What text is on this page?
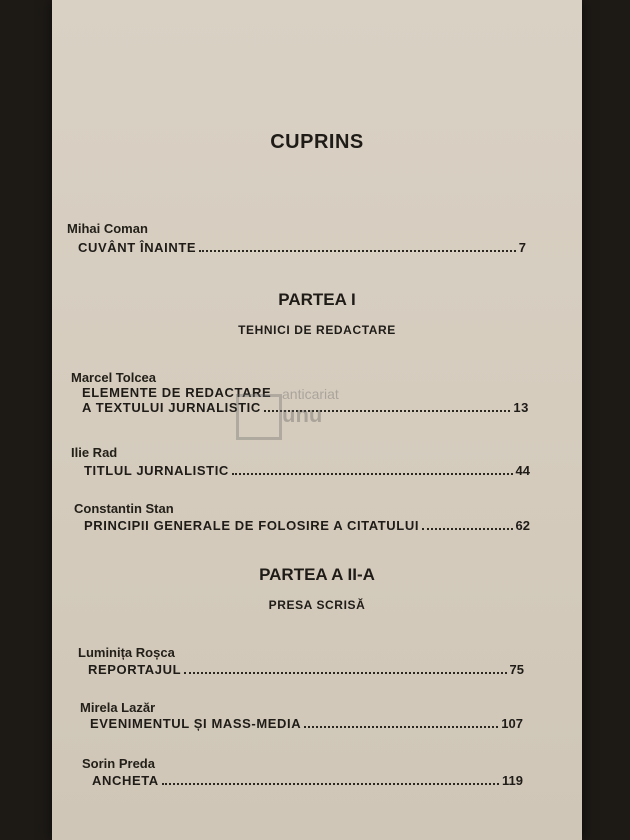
CUPRINS
Mihai Coman
CUVÂNT ÎNAINTE	7
PARTEA I
TEHNICI DE REDACTARE
Marcel Tolcea
ELEMENTE DE REDACTARE
A TEXTULUI JURNALISTIC	13
anticariat
unu
Ilie Rad
TITLUL JURNALISTIC	44
Constantin Stan
PRINCIPII GENERALE DE FOLOSIRE A CITATULUI	62
PARTEA A II-A
PRESA SCRISĂ
Luminița Roșca
REPORTAJUL	75
Mirela Lazăr
EVENIMENTUL ȘI MASS-MEDIA	107
Sorin Preda
ANCHETA	119
